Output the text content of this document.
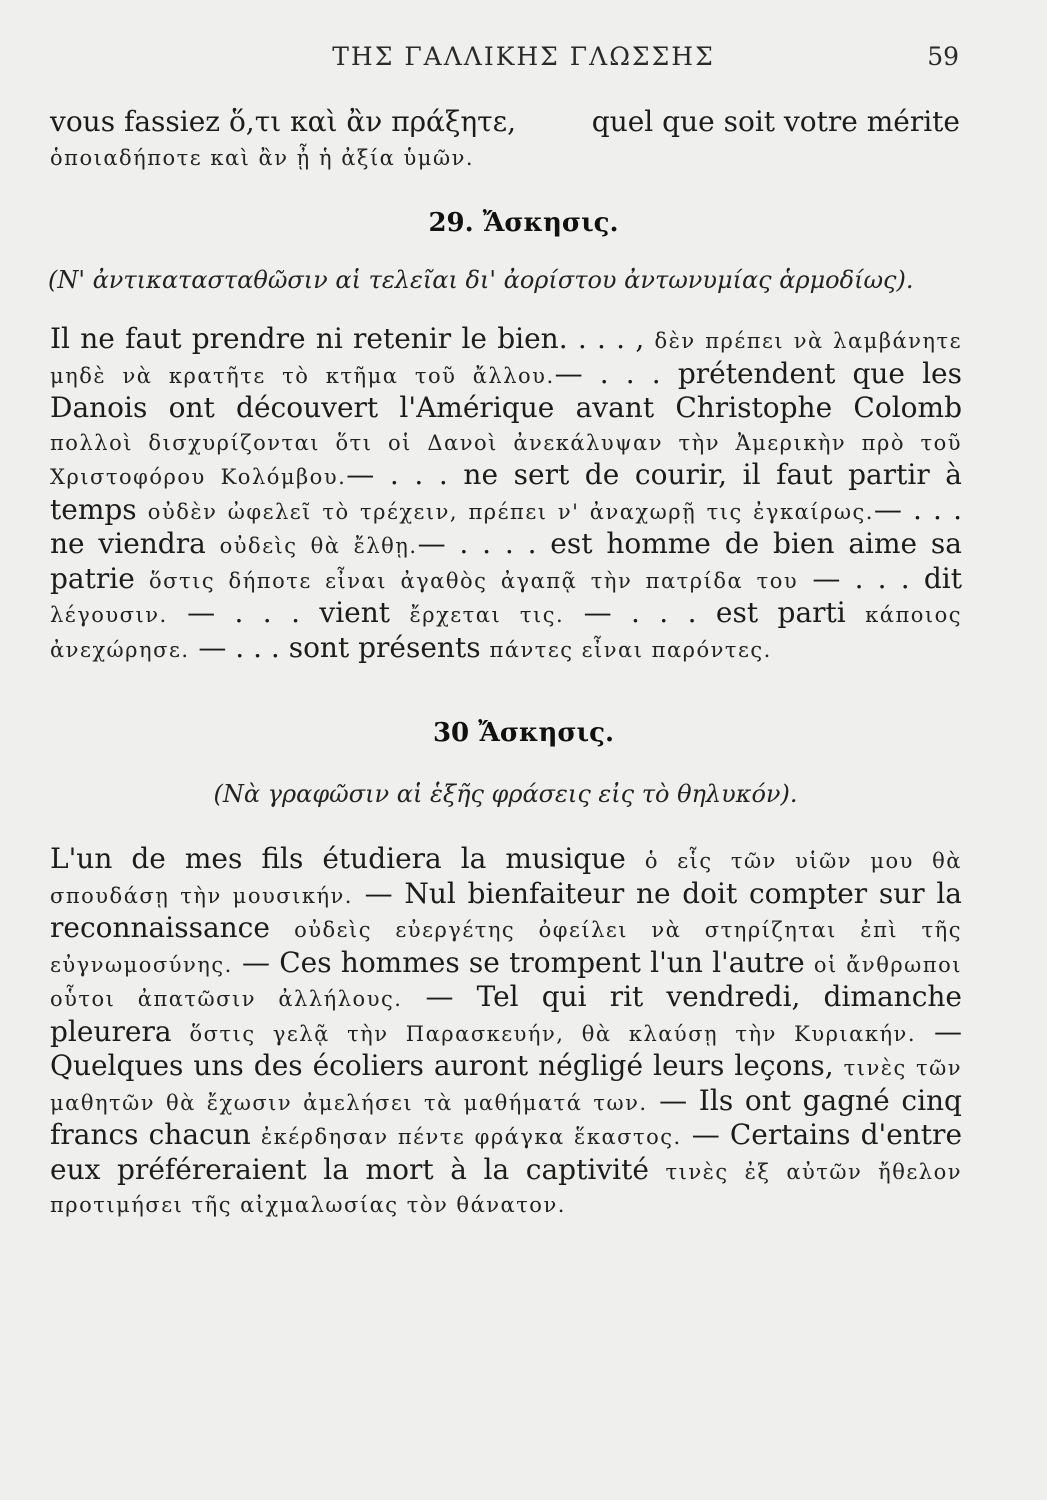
ΤΗΣ ΓΑΛΛΙΚΗΣ ΓΛΩΣΣΗΣ	59
vous fassiez ὅ,τι καὶ ἂν πράξητε,	quel que soit votre mérite
ὁποιαδήποτε καὶ ἂν ᾖ ἡ ἀξία ὑμῶν.
29. Ἄσκησις.
(Ν' ἀντικατασταθῶσιν αἱ τελεῖαι δι' ἀορίστου ἀντωνυμίας ἁρμοδίως).
Il ne faut prendre ni retenir le bien. . . . , δὲν πρέπει νὰ λαμβάνητε μηδὲ νὰ κρατῆτε τὸ κτῆμα τοῦ ἄλλου.— . . . prétendent que les Danois ont découvert l'Amérique avant Christophe Colomb πολλοὶ δισχυρίζονται ὅτι οἱ Δανοὶ ἀνεκάλυψαν τὴν Ἀμερικὴν πρὸ τοῦ Χριστοφόρου Κολόμβου.— . . . ne sert de courir, il faut partir à temps οὐδὲν ὠφελεῖ τὸ τρέχειν, πρέπει ν' ἀναχωρῇ τις ἐγκαίρως.— . . . ne viendra οὐδεὶς θὰ ἔλθῃ.— . . . . est homme de bien aime sa patrie ὅστις δήποτε εἶναι ἀγαθὸς ἀγαπᾷ τὴν πατρίδα του — . . . dit λέγουσιν. — . . . vient ἔρχεται τις. — . . . est parti κάποιος ἀνεχώρησε. — . . . sont présents πάντες εἶναι παρόντες.
30 Ἄσκησις.
(Νὰ γραφῶσιν αἱ ἑξῆς φράσεις εἰς τὸ θηλυκόν).
L'un de mes fils étudiera la musique ὁ εἷς τῶν υἱῶν μου θὰ σπουδάσῃ τὴν μουσικήν. — Nul bienfaiteur ne doit compter sur la reconnaissance οὐδεὶς εὐεργέτης ὀφείλει νὰ στηρίζηται ἐπὶ τῆς εὐγνωμοσύνης. — Ces hommes se trompent l'un l'autre οἱ ἄνθρωποι οὗτοι ἀπατῶσιν ἀλλήλους. — Tel qui rit vendredi, dimanche pleurera ὅστις γελᾷ τὴν Παρασκευήν, θὰ κλαύσῃ τὴν Κυριακήν. — Quelques uns des écoliers auront négligé leurs leçons, τινὲς τῶν μαθητῶν θὰ ἔχωσιν ἀμελήσει τὰ μαθήματά των. — Ils ont gagné cinq francs chacun ἐκέρδησαν πέντε φράγκα ἕκαστος. — Certains d'entre eux préféreraient la mort à la captivité τινὲς ἐξ αὐτῶν ἤθελον προτιμήσει τῆς αἰχμαλωσίας τὸν θάνατον.
